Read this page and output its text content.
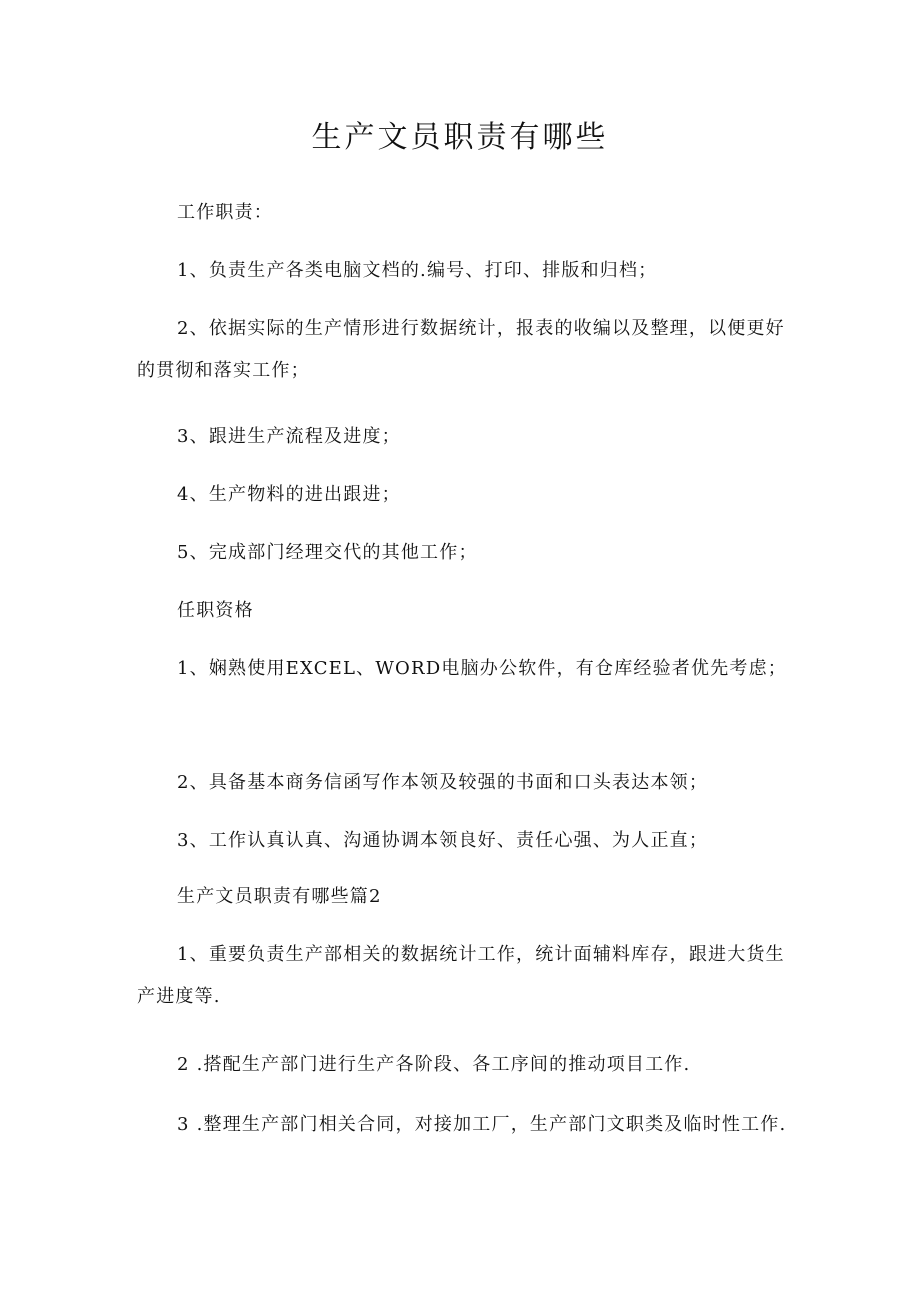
生产文员职责有哪些
工作职责：
1、负责生产各类电脑文档的.编号、打印、排版和归档；
2、依据实际的生产情形进行数据统计，报表的收编以及整理，以便更好的贯彻和落实工作；
3、跟进生产流程及进度；
4、生产物料的进出跟进；
5、完成部门经理交代的其他工作；
任职资格
1、娴熟使用EXCEL、WORD电脑办公软件，有仓库经验者优先考虑；
2、具备基本商务信函写作本领及较强的书面和口头表达本领；
3、工作认真认真、沟通协调本领良好、责任心强、为人正直；
生产文员职责有哪些篇2
1、重要负责生产部相关的数据统计工作，统计面辅料库存，跟进大货生产进度等.
2 .搭配生产部门进行生产各阶段、各工序间的推动项目工作.
3 .整理生产部门相关合同，对接加工厂，生产部门文职类及临时性工作.
